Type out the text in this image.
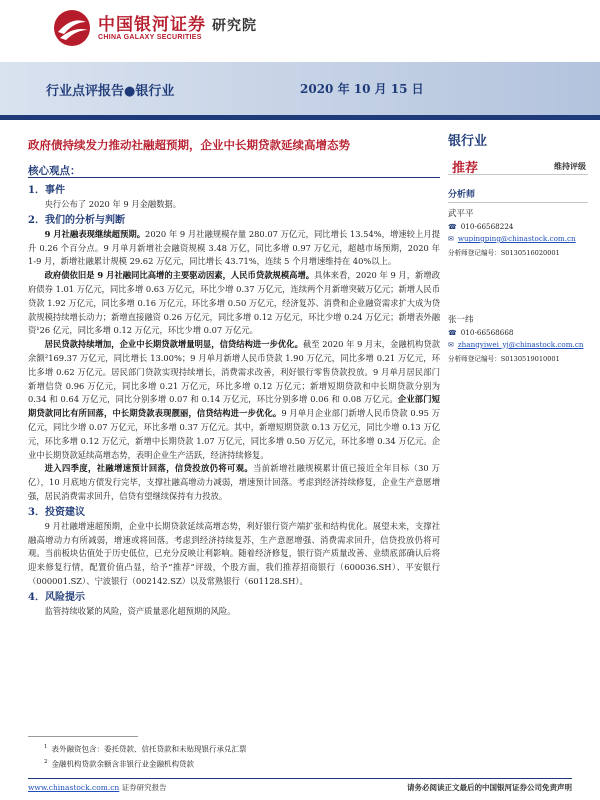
中国银河证券 研究院
CHINA GALAXY SECURITIES
行业点评报告●银行业	2020 年 10 月 15 日
政府债持续发力推动社融超预期，企业中长期贷款延续高增态势
核心观点：
1．事件
央行公布了 2020 年 9 月金融数据。
2．我们的分析与判断
9 月社融表现继续超预期。2020 年 9 月社融规模存量 280.07 万亿元，同比增长 13.54%，增速较上月提升 0.26 个百分点。9 月单月新增社会融资规模 3.48 万亿，同比多增 0.97 万亿元，超越市场预期，2020 年 1-9 月，新增社融累计规模 29.62 万亿元，同比增长 43.71%，连续 5 个月增速维持在 40%以上。
政府债依旧是 9 月社融同比高增的主要驱动因素，人民币贷款规模高增。具体来看，2020 年 9 月，新增政府债券 1.01 万亿元，同比多增 0.63 万亿元，环比少增 0.37 万亿元，连续两个月新增突破万亿元；新增人民币贷款 1.92 万亿元，同比多增 0.16 万亿元，环比多增 0.50 万亿元，经济复苏、消费和企业融资需求扩大成为贷款规模持续增长动力；新增直接融资 0.26 万亿元，同比多增 0.12 万亿元，环比少增 0.24 万亿元；新增表外融资¹26 亿元，同比多增 0.12 万亿元，环比少增 0.07 万亿元。
居民贷款持续增加，企业中长期贷款增量明显，信贷结构进一步优化。截至 2020 年 9 月末，金融机构贷款余额²169.37 万亿元，同比增长 13.00%；9 月单月新增人民币贷款 1.90 万亿元，同比多增 0.21 万亿元，环比多增 0.62 万亿元。居民部门贷款实现持续增长，消费需求改善，利好银行零售贷款投放。9 月单月居民部门新增信贷 0.96 万亿元，同比多增 0.21 万亿元，环比多增 0.12 万亿元；新增短期贷款和中长期贷款分别为 0.34 和 0.64 万亿元，同比分别多增 0.07 和 0.14 万亿元，环比分别多增 0.06 和 0.08 万亿元。企业部门短期贷款同比有所回落，中长期贷款表现靓丽，信贷结构进一步优化。9 月单月企业部门新增人民币贷款 0.95 万亿元，同比少增 0.07 万亿元，环比多增 0.37 万亿元。其中，新增短期贷款 0.13 万亿元，同比少增 0.13 万亿元，环比多增 0.12 万亿元，新增中长期贷款 1.07 万亿元，同比多增 0.50 万亿元，环比多增 0.34 万亿元。企业中长期贷款延续高增态势，表明企业生产活跃，经济持续修复。
进入四季度，社融增速预计回落，信贷投放仍将可观。当前新增社融规模累计值已接近全年目标（30 万亿），10 月底地方债发行完毕，支撑社融高增动力减弱，增速预计回落。考虑到经济持续修复，企业生产意愿增强，居民消费需求回升，信贷有望继续保持有力投放。
3．投资建议
9 月社融增速超预期，企业中长期贷款延续高增态势，利好银行资产端扩张和结构优化。展望未来，支撑社融高增动力有所减弱，增速或将回落。考虑到经济持续复苏，生产意愿增强、消费需求回升，信贷投放仍将可观。当前板块估值处于历史低位，已充分反映让利影响。随着经济修复，银行资产质量改善、业绩底部确认后将迎来修复行情，配置价值凸显，给予“推荐”评级，个股方面，我们推荐招商银行（600036.SH）、平安银行（000001.SZ）、宁波银行（002142.SZ）以及常熟银行（601128.SH）。
4．风险提示
监管持续收紧的风险，资产质量恶化超预期的风险。
银行业
推荐	维持评级
分析师
武平平
☎ 010-66568224
✉ wupingping@chinastock.com.cn
分析师登记编号：S0130516020001
张一纬
☎ 010-66568668
✉ zhangyiwei_yj@chinastock.com.cn
分析师登记编号：S0130519010001
$^1$ 表外融资包含：委托贷款、信托贷款和未贴现银行承兑汇票
$^2$ 金融机构贷款余额含非银行业金融机构贷款
www.chinastock.com.cn 证券研究报告	请务必阅读正文最后的中国银河证券公司免责声明
